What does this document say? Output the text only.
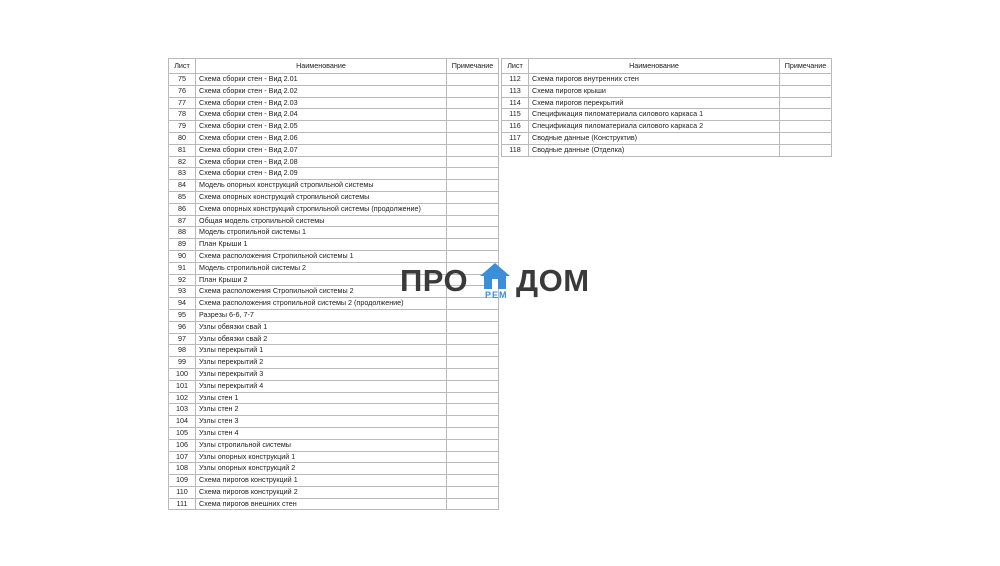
Лист	Наименование	Примечание
75	Схема сборки стен - Вид 2.01	
76	Схема сборки стен - Вид 2.02	
77	Схема сборки стен - Вид 2.03	
78	Схема сборки стен - Вид 2.04	
79	Схема сборки стен - Вид 2.05	
80	Схема сборки стен - Вид 2.06	
81	Схема сборки стен - Вид 2.07	
82	Схема сборки стен - Вид 2.08	
83	Схема сборки стен - Вид 2.09	
84	Модель опорных конструкций стропильной системы	
85	Схема опорных конструкций стропильной системы	
86	Схема опорных конструкций стропильной системы (продолжение)	
87	Общая модель стропильной системы	
88	Модель стропильной системы 1	
89	План Крыши 1	
90	Схема расположения Стропильной системы 1	
91	Модель стропильной системы 2	
92	План Крыши 2	
93	Схема расположения Стропильной системы 2	
94	Схема расположения стропильной системы 2 (продолжение)	
95	Разрезы 6-6, 7-7	
96	Узлы обвязки свай 1	
97	Узлы обвязки свай 2	
98	Узлы перекрытий 1	
99	Узлы перекрытий 2	
100	Узлы перекрытий 3	
101	Узлы перекрытий 4	
102	Узлы стен 1	
103	Узлы стен 2	
104	Узлы стен 3	
105	Узлы стен 4	
106	Узлы стропильной системы	
107	Узлы опорных конструкций 1	
108	Узлы опорных конструкций 2	
109	Схема пирогов конструкций 1	
110	Схема пирогов конструкций 2	
111	Схема пирогов внешних стен	
Лист	Наименование	Примечание
112	Схема пирогов внутренних стен	
113	Схема пирогов крыши	
114	Схема пирогов перекрытий	
115	Спецификация пиломатериала силового каркаса 1	
116	Спецификация пиломатериала силового каркаса 2	
117	Сводные данные (Конструктив)	
118	Сводные данные (Отделка)	
ПРО РЕМ ДОМ
